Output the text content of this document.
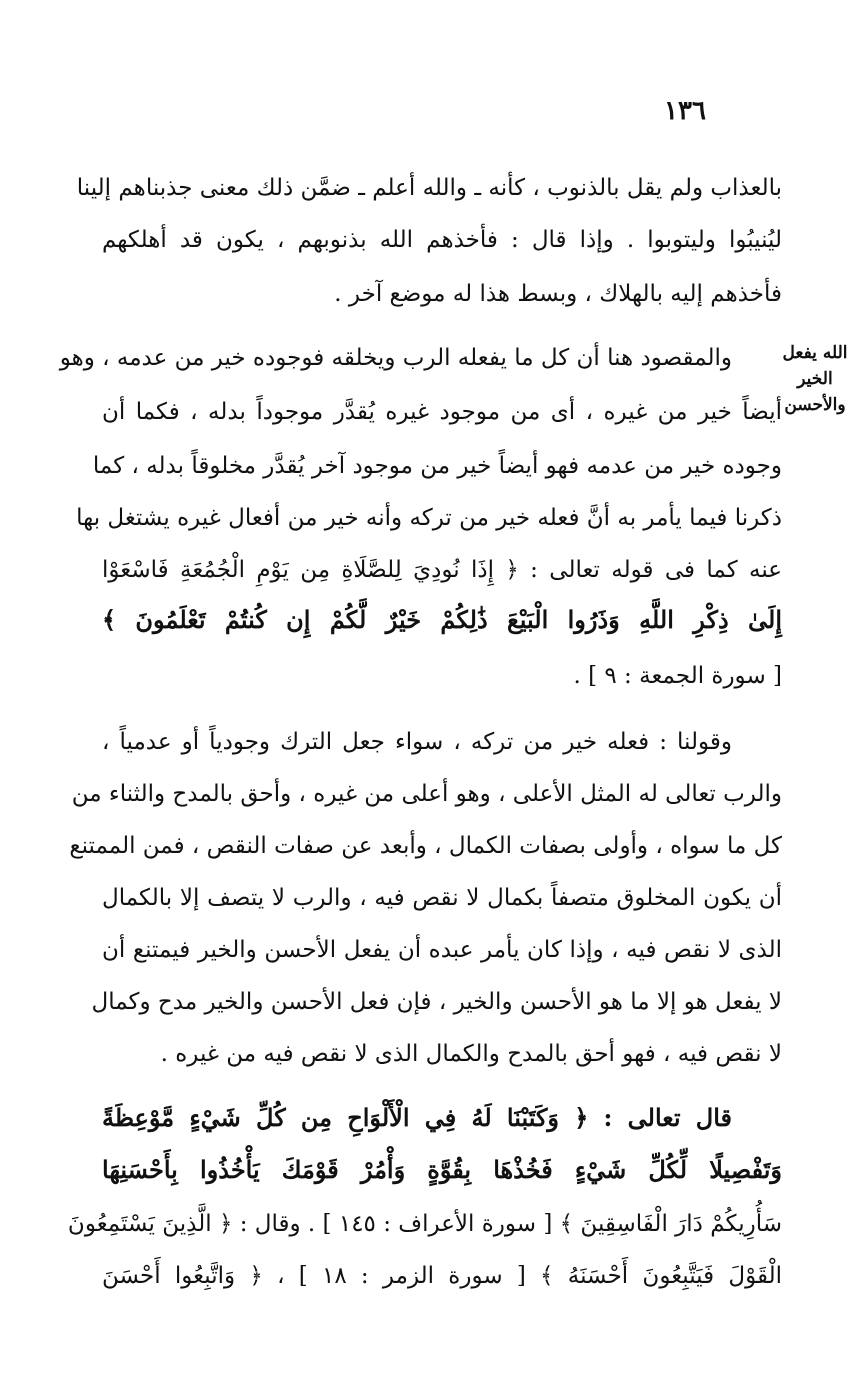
١٣٦
الله يفعل الخير
والأحسن
بالعذاب ولم يقل بالذنوب ، كأنه ـ والله أعلم ـ ضمَّن ذلك معنى جذبناهم إلينا
ليُنيبُوا وليتوبوا . وإذا قال : فأخذهم الله بذنوبهم ، يكون قد أهلكهم
فأخذهم إليه بالهلاك ، وبسط هذا له موضع آخر .
والمقصود هنا أن كل ما يفعله الرب ويخلقه فوجوده خير من عدمه ، وهو
أيضاً خير من غيره ، أى من موجود غيره يُقدَّر موجوداً بدله ، فكما أن
وجوده خير من عدمه فهو أيضاً خير من موجود آخر يُقدَّر مخلوقاً بدله ، كما
ذكرنا فيما يأمر به أنَّ فعله خير من تركه وأنه خير من أفعال غيره يشتغل بها
عنه كما فى قوله تعالى : ﴿ إِذَا نُودِيَ لِلصَّلَاةِ مِن يَوْمِ الْجُمُعَةِ فَاسْعَوْا
إِلَىٰ ذِكْرِ اللَّهِ وَذَرُوا الْبَيْعَ ذَٰلِكُمْ خَيْرٌ لَّكُمْ إِن كُنتُمْ تَعْلَمُونَ ﴾
[ سورة الجمعة : ٩ ] .
وقولنا : فعله خير من تركه ، سواء جعل الترك وجودياً أو عدمياً ،
والرب تعالى له المثل الأعلى ، وهو أعلى من غيره ، وأحق بالمدح والثناء من
كل ما سواه ، وأولى بصفات الكمال ، وأبعد عن صفات النقص ، فمن الممتنع
أن يكون المخلوق متصفاً بكمال لا نقص فيه ، والرب لا يتصف إلا بالكمال
الذى لا نقص فيه ، وإذا كان يأمر عبده أن يفعل الأحسن والخير فيمتنع أن
لا يفعل هو إلا ما هو الأحسن والخير ، فإن فعل الأحسن والخير مدح وكمال
لا نقص فيه ، فهو أحق بالمدح والكمال الذى لا نقص فيه من غيره .
قال تعالى : ﴿ وَكَتَبْنَا لَهُ فِي الْأَلْوَاحِ مِن كُلِّ شَيْءٍ مَّوْعِظَةً
وَتَفْصِيلًا لِّكُلِّ شَيْءٍ فَخُذْهَا بِقُوَّةٍ وَأْمُرْ قَوْمَكَ يَأْخُذُوا بِأَحْسَنِهَا
سَأُرِيكُمْ دَارَ الْفَاسِقِينَ ﴾ [ سورة الأعراف : ١٤٥ ] . وقال : ﴿ الَّذِينَ يَسْتَمِعُونَ
الْقَوْلَ فَيَتَّبِعُونَ أَحْسَنَهُ ﴾ [ سورة الزمر : ١٨ ] ، ﴿ وَاتَّبِعُوا أَحْسَنَ
